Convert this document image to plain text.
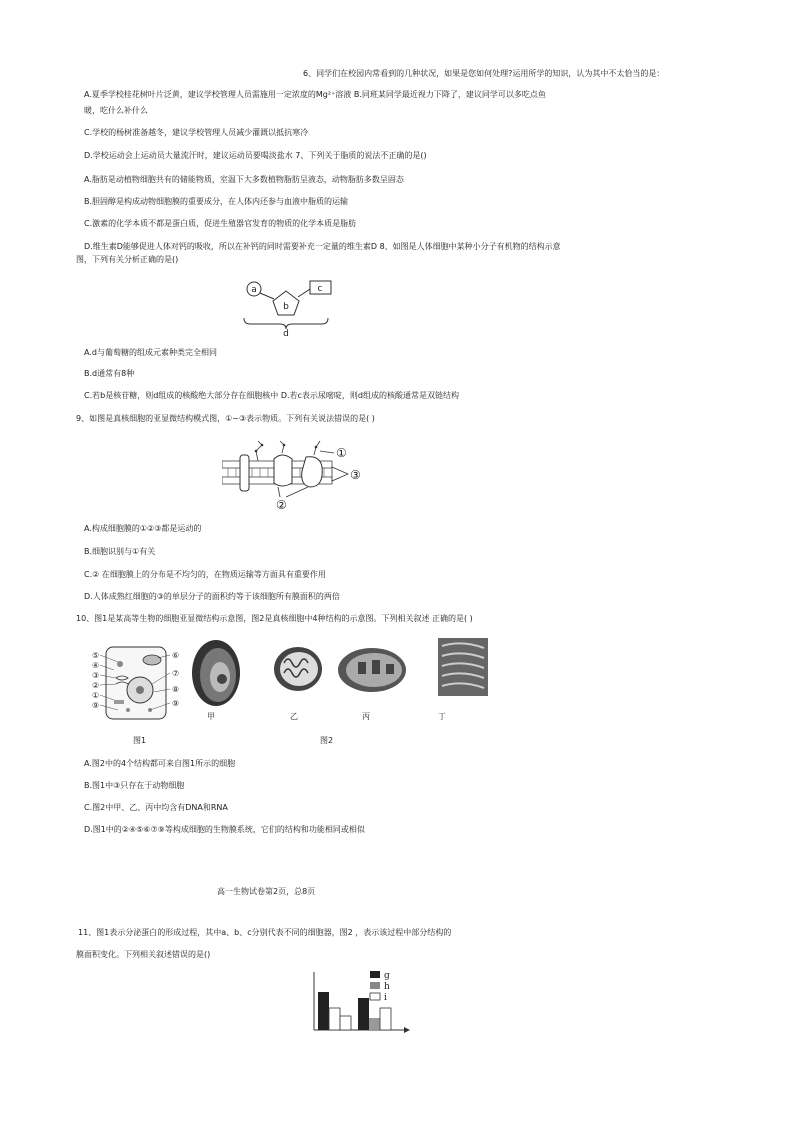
6、同学们在校园内常看到的几种状况，如果是您如何处理?运用所学的知识，认为其中不太恰当的是：
A.夏季学校桂花树叶片泛黄，建议学校管理人员需施用一定浓度的Mg²⁺溶液 B.同班某同学最近视力下降了，建议同学可以多吃点鱼
暖，吃什么补什么
C.学校的杨树准备越冬，建议学校管理人员减少灌溉以抵抗寒冷
D.学校运动会上运动员大量流汗时，建议运动员要喝淡盐水 7、下列关于脂质的说法不正确的是()
A.脂肪是动植物细胞共有的储能物质，室温下大多数植物脂肪呈液态，动物脂肪多数呈固态
B.胆固醇是构成动物细胞膜的重要成分，在人体内还参与血液中脂质的运输
C.激素的化学本质不都是蛋白质，促进生殖器官发育的物质的化学本质是脂肪
D.维生素D能够促进人体对钙的吸收，所以在补钙的同时需要补充一定量的维生素D 8、如图是人体细胞中某种小分子有机物的结构示意
图，下列有关分析正确的是()
a
b
c
d
A.d与葡萄糖的组成元素种类完全相同
B.d通常有8种
C.若b是核苷糖，则d组成的核酸绝大部分存在细胞核中 D.若c表示尿嘧啶，则d组成的核酸通常是双链结构
9、如图是真核细胞的亚显微结构模式图，①~③表示物质。下列有关说法错误的是( )
①
③
②
A.构成细胞膜的①②③都是运动的
B.细胞识别与①有关
C.② 在细胞膜上的分布是不均匀的，在物质运输等方面具有重要作用
D.人体成熟红细胞的③的单层分子的面积约等于该细胞所有膜面积的两倍
10、图1是某高等生物的细胞亚显微结构示意图，图2是真核细胞中4种结构的示意图。下列相关叙述 正确的是( )
⑤
④
③
②
①
⑨
⑥
⑦
⑧
⑨
甲	乙	丙	丁
图1	图2
A.图2中的4个结构都可来自图1所示的细胞
B.图1中③只存在于动物细胞
C.图2中甲、乙、丙中均含有DNA和RNA
D.图1中的②④⑤⑥⑦⑨等构成细胞的生物膜系统，它们的结构和功能相同或相似
高一生物试卷第2页，总8页
11、图1表示分泌蛋白的形成过程，其中a、b、c分别代表不同的细胞器，图2 ，表示该过程中部分结构的
膜面积变化。下列相关叙述错误的是()
g
h
i
